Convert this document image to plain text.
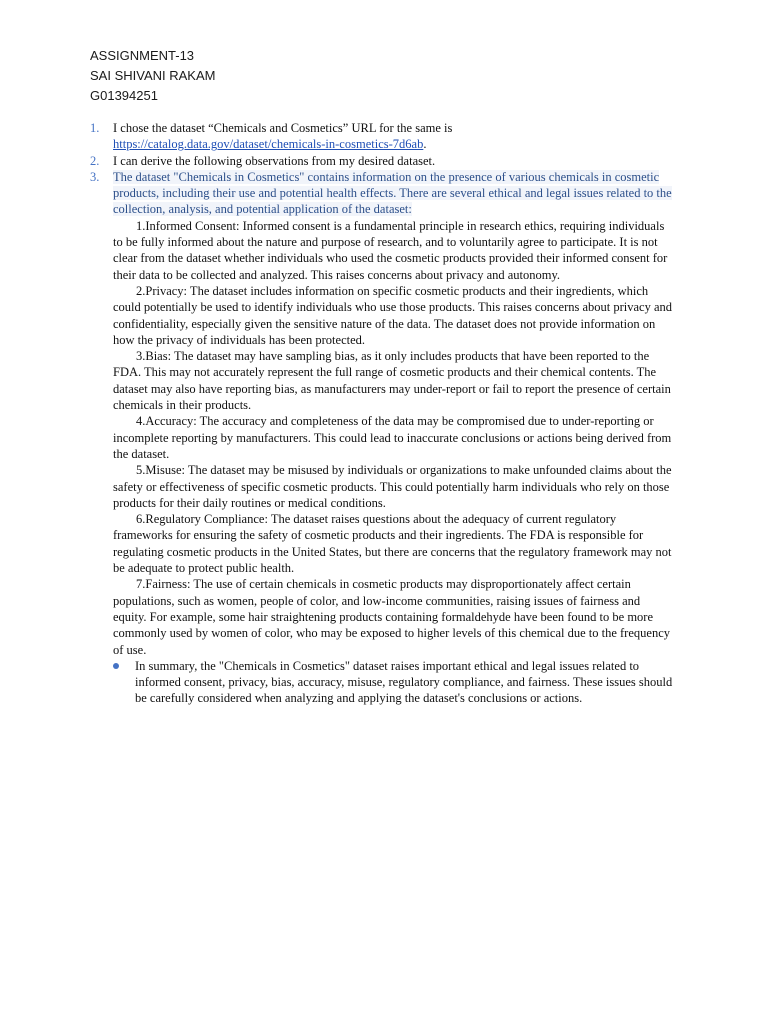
ASSIGNMENT-13
SAI SHIVANI RAKAM
G01394251
1. I chose the dataset “Chemicals and Cosmetics” URL for the same is
https://catalog.data.gov/dataset/chemicals-in-cosmetics-7d6ab.
2. I can derive the following observations from my desired dataset.
3. The dataset "Chemicals in Cosmetics" contains information on the presence of various chemicals in cosmetic products, including their use and potential health effects. There are several ethical and legal issues related to the collection, analysis, and potential application of the dataset:
1.Informed Consent: Informed consent is a fundamental principle in research ethics, requiring individuals to be fully informed about the nature and purpose of research, and to voluntarily agree to participate. It is not clear from the dataset whether individuals who used the cosmetic products provided their informed consent for their data to be collected and analyzed. This raises concerns about privacy and autonomy.
2.Privacy: The dataset includes information on specific cosmetic products and their ingredients, which could potentially be used to identify individuals who use those products. This raises concerns about privacy and confidentiality, especially given the sensitive nature of the data. The dataset does not provide information on how the privacy of individuals has been protected.
3.Bias: The dataset may have sampling bias, as it only includes products that have been reported to the FDA. This may not accurately represent the full range of cosmetic products and their chemical contents. The dataset may also have reporting bias, as manufacturers may under-report or fail to report the presence of certain chemicals in their products.
4.Accuracy: The accuracy and completeness of the data may be compromised due to under-reporting or incomplete reporting by manufacturers. This could lead to inaccurate conclusions or actions being derived from the dataset.
5.Misuse: The dataset may be misused by individuals or organizations to make unfounded claims about the safety or effectiveness of specific cosmetic products. This could potentially harm individuals who rely on those products for their daily routines or medical conditions.
6.Regulatory Compliance: The dataset raises questions about the adequacy of current regulatory frameworks for ensuring the safety of cosmetic products and their ingredients. The FDA is responsible for regulating cosmetic products in the United States, but there are concerns that the regulatory framework may not be adequate to protect public health.
7.Fairness: The use of certain chemicals in cosmetic products may disproportionately affect certain populations, such as women, people of color, and low-income communities, raising issues of fairness and equity. For example, some hair straightening products containing formaldehyde have been found to be more commonly used by women of color, who may be exposed to higher levels of this chemical due to the frequency of use.
In summary, the "Chemicals in Cosmetics" dataset raises important ethical and legal issues related to informed consent, privacy, bias, accuracy, misuse, regulatory compliance, and fairness. These issues should be carefully considered when analyzing and applying the dataset's conclusions or actions.
